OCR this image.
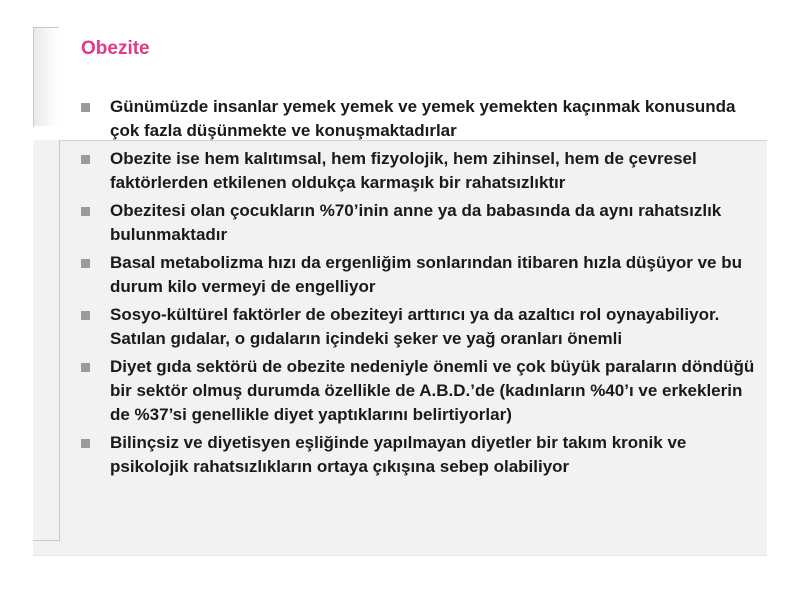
Obezite
Günümüzde insanlar yemek yemek ve yemek yemekten kaçınmak konusunda çok fazla düşünmekte ve konuşmaktadırlar
Obezite ise hem kalıtımsal, hem fizyolojik, hem zihinsel, hem de çevresel faktörlerden etkilenen oldukça karmaşık bir rahatsızlıktır
Obezitesi olan çocukların %70’inin anne ya da babasında da aynı rahatsızlık bulunmaktadır
Basal metabolizma hızı da ergenliğim sonlarından itibaren hızla düşüyor ve bu durum kilo vermeyi de engelliyor
Sosyo-kültürel faktörler de obeziteyi arttırıcı ya da azaltıcı rol oynayabiliyor. Satılan gıdalar, o gıdaların içindeki şeker ve yağ oranları önemli
Diyet gıda sektörü de obezite nedeniyle önemli ve çok büyük paraların döndüğü bir sektör olmuş durumda özellikle de A.B.D.’de (kadınların %40’ı ve erkeklerin de %37’si genellikle diyet yaptıklarını belirtiyorlar)
Bilinçsiz ve diyetisyen eşliğinde yapılmayan diyetler bir takım kronik ve psikolojik rahatsızlıkların ortaya çıkışına sebep olabiliyor
